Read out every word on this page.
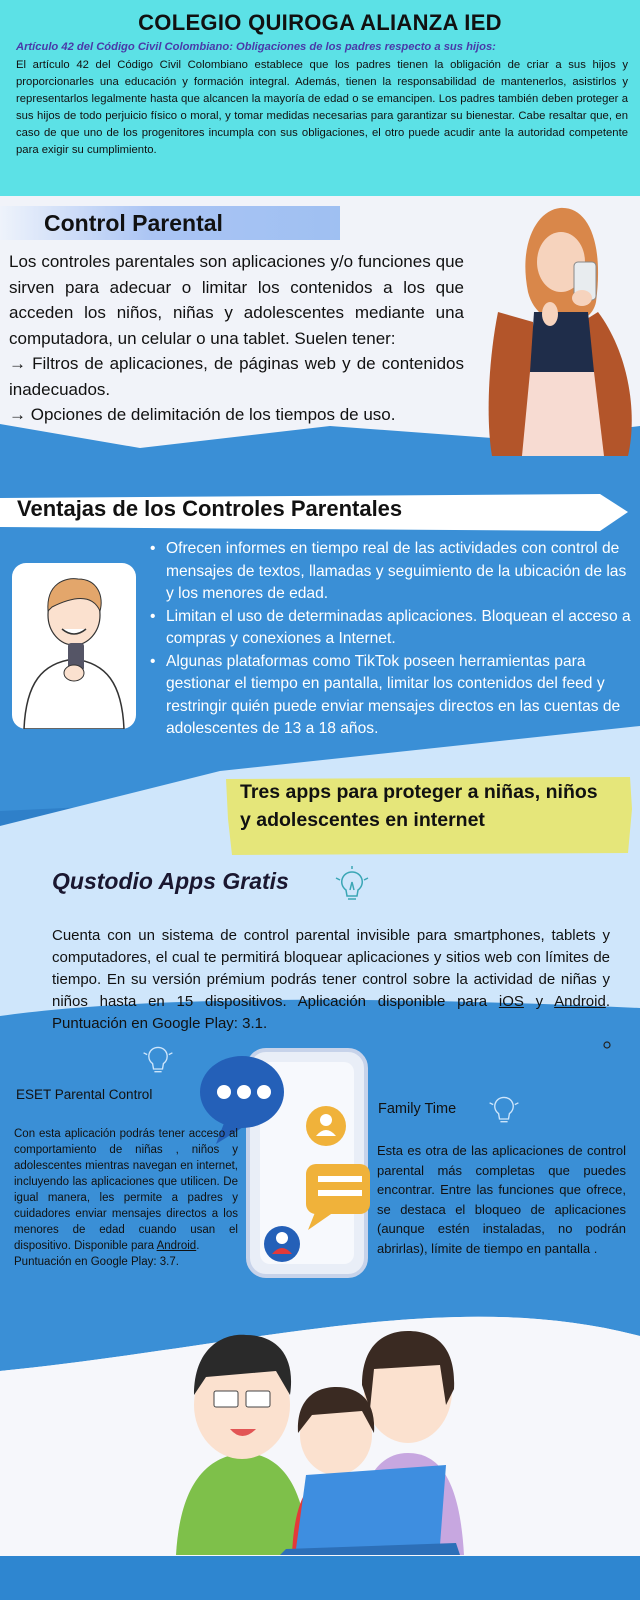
COLEGIO QUIROGA ALIANZA IED
Artículo 42 del Código Civil Colombiano: Obligaciones de los padres respecto a sus hijos:
El artículo 42 del Código Civil Colombiano establece que los padres tienen la obligación de criar a sus hijos y proporcionarles una educación y formación integral. Además, tienen la responsabilidad de mantenerlos, asistirlos y representarlos legalmente hasta que alcancen la mayoría de edad o se emancipen. Los padres también deben proteger a sus hijos de todo perjuicio físico o moral, y tomar medidas necesarias para garantizar su bienestar. Cabe resaltar que, en caso de que uno de los progenitores incumpla con sus obligaciones, el otro puede acudir ante la autoridad competente para exigir su cumplimiento.
Control Parental

Los controles parentales son aplicaciones y/o funciones que sirven para adecuar o limitar los contenidos a los que acceden los niños, niñas y adolescentes mediante una computadora, un celular o una tablet. Suelen tener:

→ Filtros de aplicaciones, de páginas web y de contenidos inadecuados.

→ Opciones de delimitación de los tiempos de uso.

Ventajas de los Controles Parentales
• Ofrecen informes en tiempo real de las actividades con control de mensajes de textos, llamadas y seguimiento de la ubicación de las y los menores de edad.
• Limitan el uso de determinadas aplicaciones. Bloquean el acceso a compras y conexiones a Internet.
• Algunas plataformas como TikTok poseen herramientas para gestionar el tiempo en pantalla, limitar los contenidos del feed y restringir quién puede enviar mensajes directos en las cuentas de adolescentes de 13 a 18 años.
Tres apps para proteger a niñas, niños
y adolescentes en internet
Qustodio Apps Gratis
Cuenta con un sistema de control parental invisible para smartphones, tablets y computadores, el cual te permitirá bloquear aplicaciones y sitios web con límites de tiempo. En su versión prémium podrás tener control sobre la actividad de niñas y niños hasta en 15 dispositivos. Aplicación disponible para iOS y Android. Puntuación en Google Play: 3.1.
ESET Parental Control
Con esta aplicación podrás tener acceso al comportamiento de niñas , niños y adolescentes mientras navegan en internet, incluyendo las aplicaciones que utilicen. De igual manera, les permite a padres y cuidadores enviar mensajes directos a los menores de edad cuando usan el dispositivo. Disponible para Android.
Puntuación en Google Play: 3.7.
Family Time
Esta es otra de las aplicaciones de control parental más completas que puedes encontrar. Entre las funciones que ofrece, se destaca el bloqueo de aplicaciones (aunque estén instaladas, no podrán abrirlas), límite de tiempo en pantalla .
